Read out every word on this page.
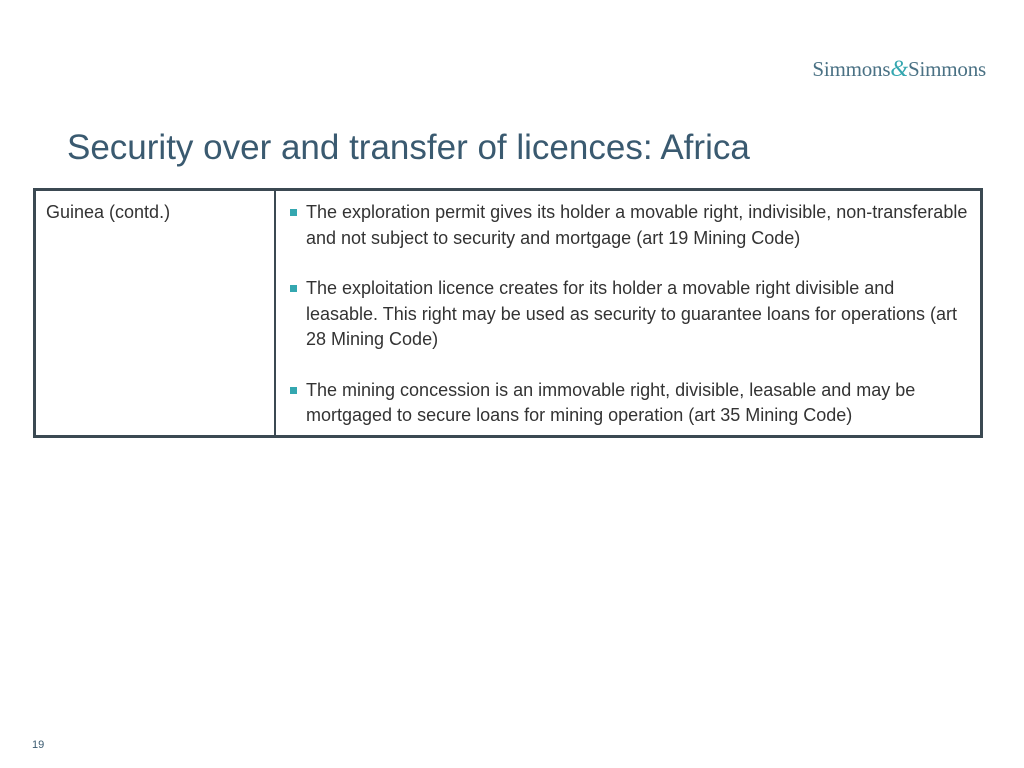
Simmons&Simmons
Security over and transfer of licences: Africa
Guinea (contd.)	The exploration permit gives its holder a movable right, indivisible, non-transferable and not subject to security and mortgage (art 19 Mining Code)
The exploitation licence creates for its holder a movable right divisible and leasable. This right may be used as security to guarantee loans for operations (art 28 Mining Code)
The mining concession is an immovable right, divisible, leasable and may be mortgaged to secure loans for mining operation (art 35 Mining Code)
19
